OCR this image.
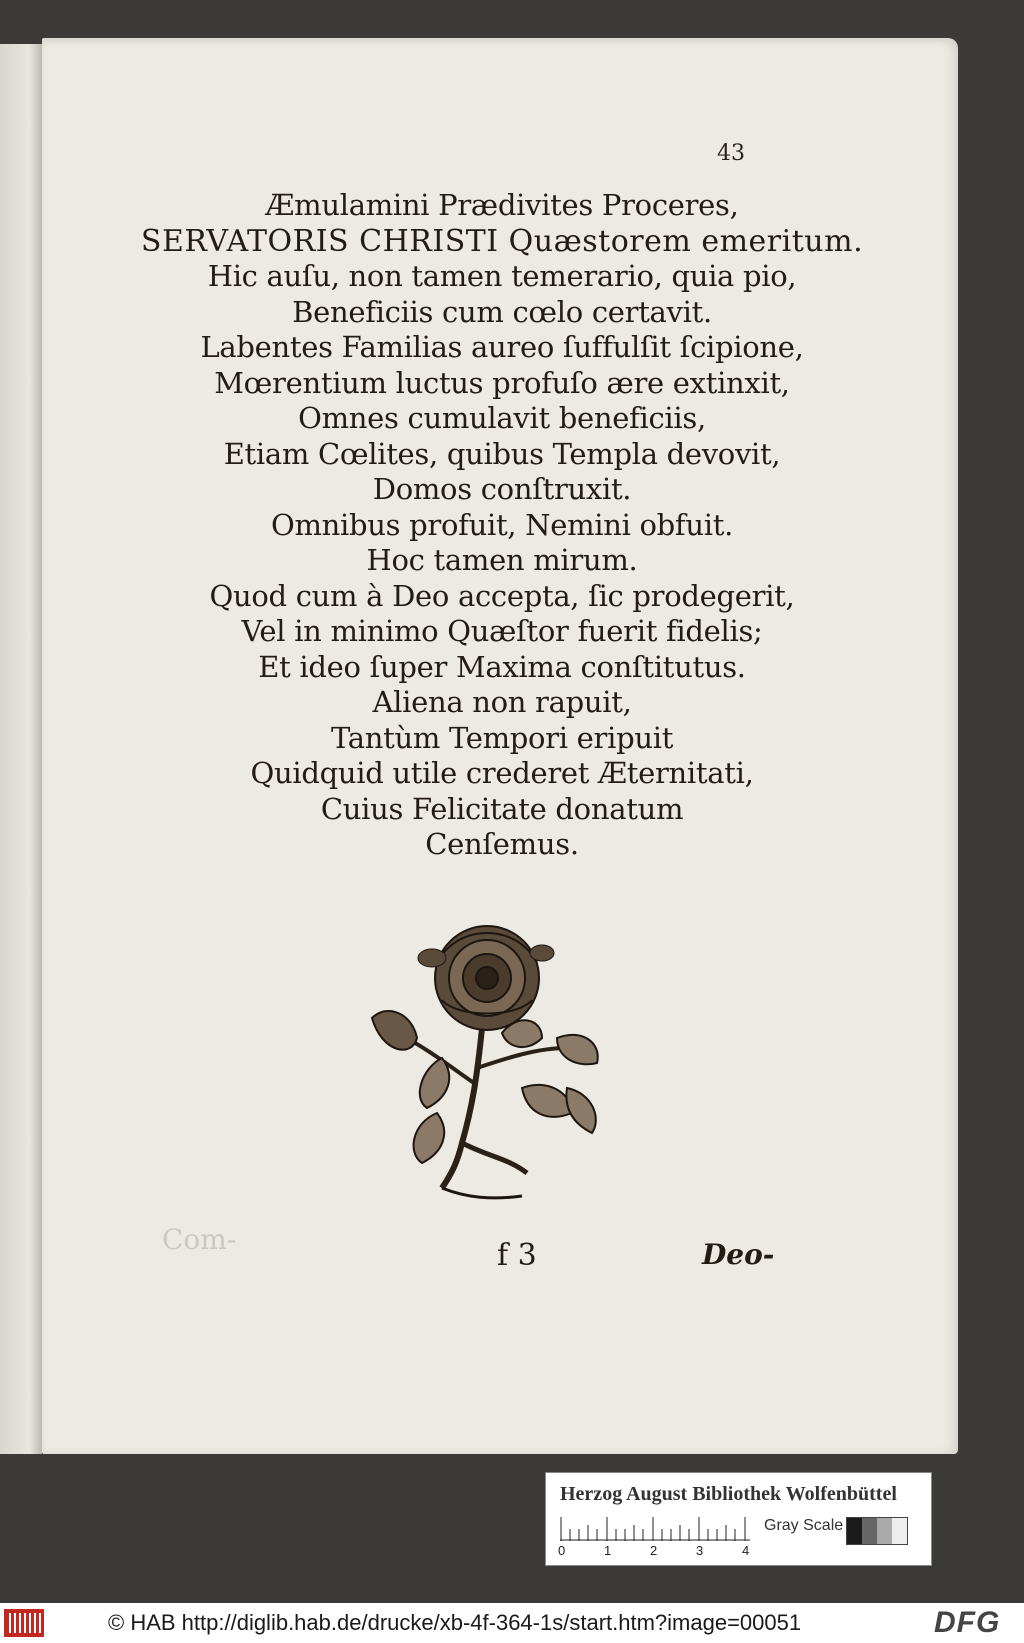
43
Com-
Æmulamini Prædivites Proceres,
SERVATORIS CHRISTI Quæstorem emeritum.
Hic auſu, non tamen temerario, quia pio,
Beneficiis cum cœlo certavit.
Labentes Familias aureo ſuffulſit ſcipione,
Mœrentium luctus profuſo ære extinxit,
Omnes cumulavit beneficiis,
Etiam Cœlites, quibus Templa devovit,
Domos conſtruxit.
Omnibus profuit, Nemini obfuit.
Hoc tamen mirum.
Quod cum à Deo accepta, ſic prodegerit,
Vel in minimo Quæſtor fuerit fidelis;
Et ideo ſuper Maxima conſtitutus.
Aliena non rapuit,
Tantùm Tempori eripuit
Quidquid utile crederet Æternitati,
Cuius Felicitate donatum
Cenſemus.
f 3	Deo-
Herzog August Bibliothek Wolfenbüttel
0	1	2	3	4
Gray Scale
© HAB http://diglib.hab.de/drucke/xb-4f-364-1s/start.htm?image=00051	DFG
